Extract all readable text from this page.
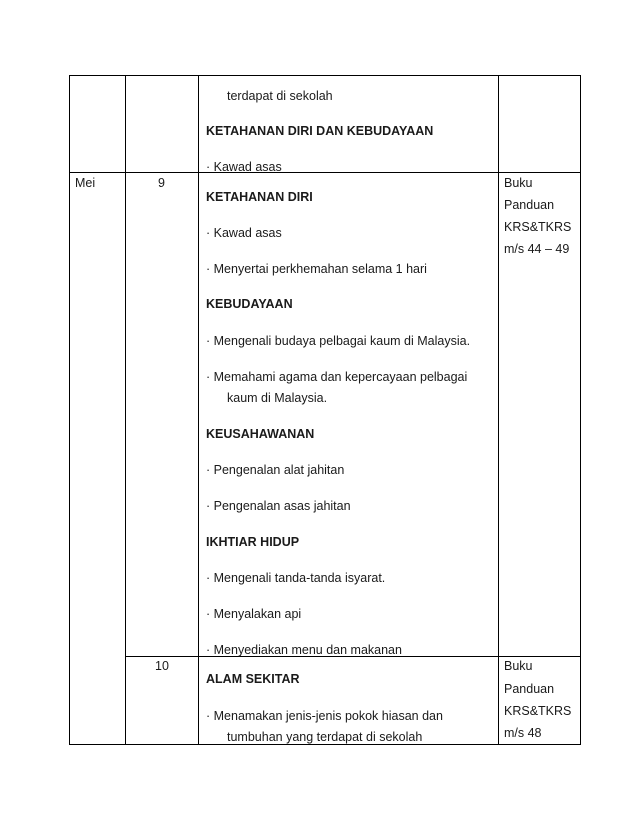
terdapat di sekolah
KETAHANAN DIRI DAN KEBUDAYAAN
· Kawad asas
Mei	9
KETAHANAN DIRI
· Kawad asas
· Menyertai perkhemahan selama 1 hari
KEBUDAYAAN
· Mengenali budaya pelbagai kaum di Malaysia.
· Memahami agama dan kepercayaan pelbagai
kaum di Malaysia.
KEUSAHAWANAN
· Pengenalan alat jahitan
· Pengenalan asas jahitan
IKHTIAR HIDUP
· Mengenali tanda-tanda isyarat.
· Menyalakan api
· Menyediakan menu dan makanan
Buku
Panduan
KRS&TKRS
m/s 44 – 49
10
ALAM SEKITAR
· Menamakan jenis-jenis pokok hiasan dan
tumbuhan yang terdapat di sekolah
Buku
Panduan
KRS&TKRS
m/s 48
